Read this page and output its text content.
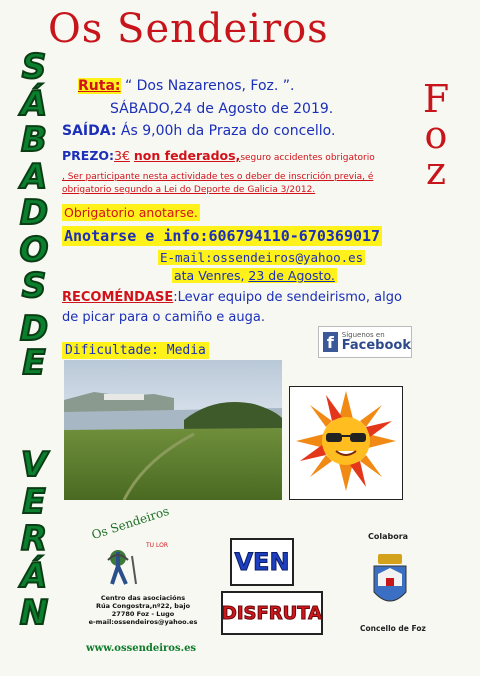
Os Sendeiros
S
Á
B
A
D
O
S
D
E
V
E
R
Á
N
F
o
z
Ruta: “ Dos Nazarenos, Foz. ”.
SÁBADO,24 de Agosto de 2019.
SAÍDA: Ás 9,00h da Praza do concello.
PREZO:3€ non federados,seguro accidentes obrigatorio
, Ser participante nesta actividade tes o deber de inscrición previa, é
obrigatorio segundo a Lei do Deporte de Galicia 3/2012.
Obrigatorio anotarse.
Anotarse e info:606794110-670369017
E-mail:ossendeiros@yahoo.es
ata Venres, 23 de Agosto.
RECOMÉNDASE:Levar equipo de sendeirismo, algo
de picar para o camiño e auga.
Dificultade: Media	f	Síguenos en
Facebook
Os Sendeiros
TU LOR
Centro das asociacións
Rúa Congostra,nº22, bajo
27780 Foz - Lugo
e-mail:ossendeiros@yahoo.es
www.ossendeiros.es
VEN
DISFRUTA
Colabora
Concello de Foz
